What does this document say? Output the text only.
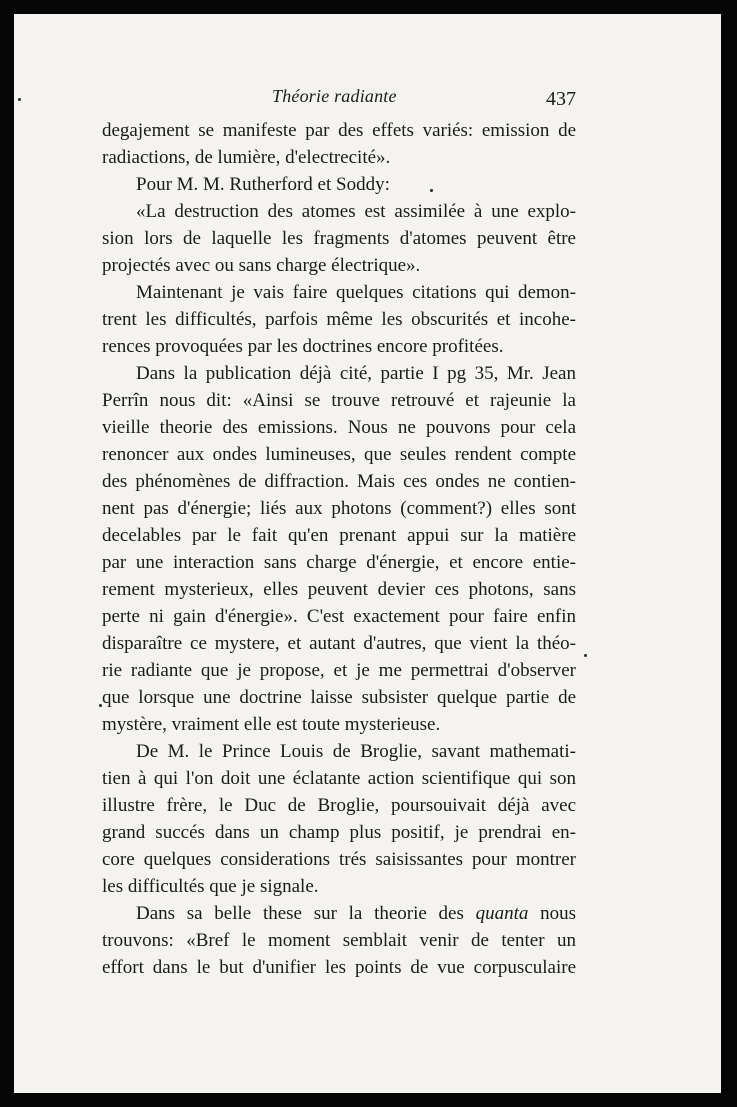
Théorie radiante	437
degajement se manifeste par des effets variés: emission de
radiactions, de lumière, d'electrecité».
Pour M. M. Rutherford et Soddy:
«La destruction des atomes est assimilée à une explo-
sion lors de laquelle les fragments d'atomes peuvent être
projectés avec ou sans charge électrique».
Maintenant je vais faire quelques citations qui demon-
trent les difficultés, parfois même les obscurités et incohe-
rences provoquées par les doctrines encore profitées.
Dans la publication déjà cité, partie I pg 35, Mr. Jean
Perrîn nous dit: «Ainsi se trouve retrouvé et rajeunie la
vieille theorie des emissions. Nous ne pouvons pour cela
renoncer aux ondes lumineuses, que seules rendent compte
des phénomènes de diffraction. Mais ces ondes ne contien-
nent pas d'énergie; liés aux photons (comment?) elles sont
decelables par le fait qu'en prenant appui sur la matière
par une interaction sans charge d'énergie, et encore entie-
rement mysterieux, elles peuvent devier ces photons, sans
perte ni gain d'énergie». C'est exactement pour faire enfin
disparaître ce mystere, et autant d'autres, que vient la théo-
rie radiante que je propose, et je me permettrai d'observer
que lorsque une doctrine laisse subsister quelque partie de
mystère, vraiment elle est toute mysterieuse.
De M. le Prince Louis de Broglie, savant mathemati-
tien à qui l'on doit une éclatante action scientifique qui son
illustre frère, le Duc de Broglie, poursouivait déjà avec
grand succés dans un champ plus positif, je prendrai en-
core quelques considerations trés saisissantes pour montrer
les difficultés que je signale.
Dans sa belle these sur la theorie des quanta nous
trouvons: «Bref le moment semblait venir de tenter un
effort dans le but d'unifier les points de vue corpusculaire
